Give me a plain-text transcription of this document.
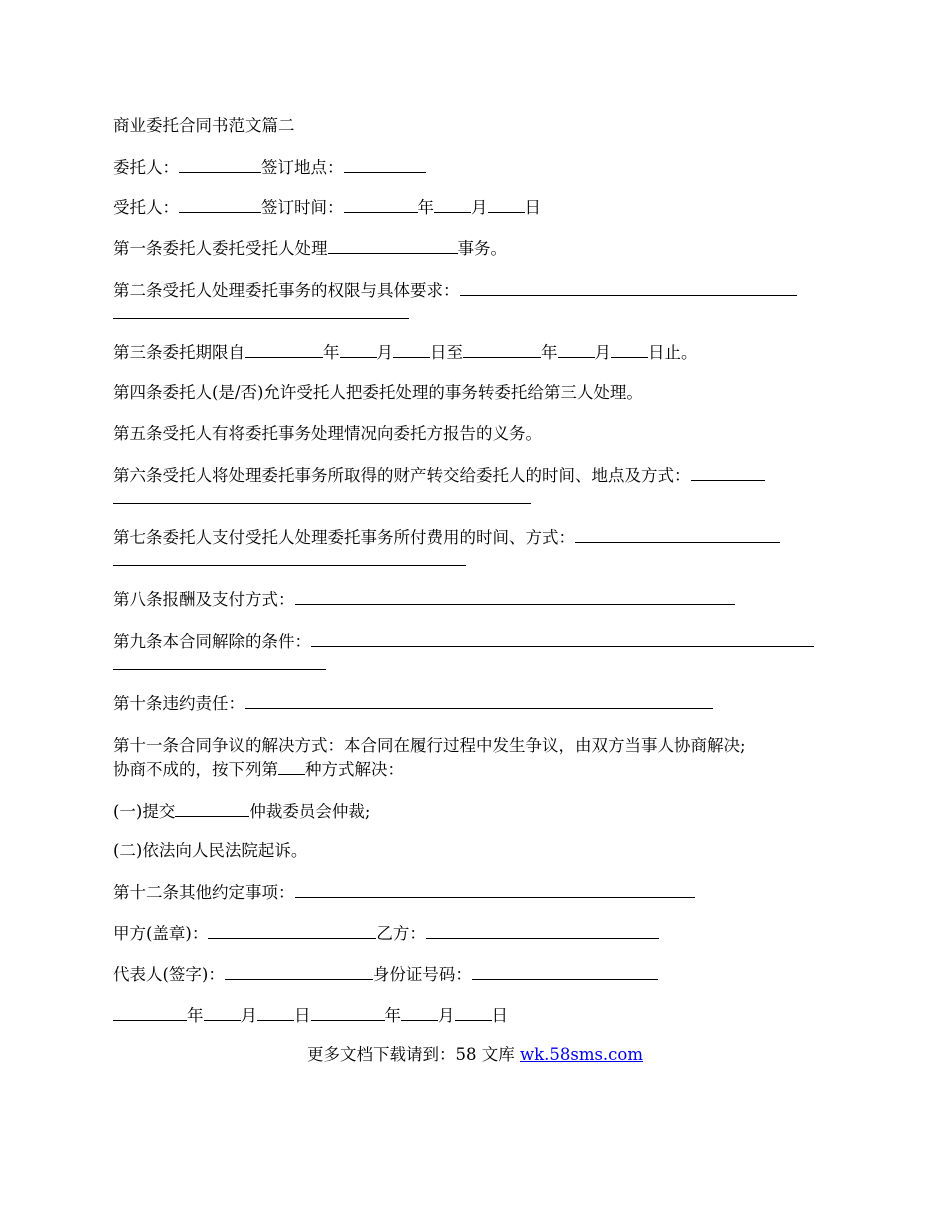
商业委托合同书范文篇二
委托人：	签订地点：
受托人：	签订时间：	年 月 日
第一条委托人委托受托人处理	事务。
第二条受托人处理委托事务的权限与具体要求：
第三条委托期限自	年 月 日至	年 月 日止。
第四条委托人(是/否)允许受托人把委托处理的事务转委托给第三人处理。
第五条受托人有将委托事务处理情况向委托方报告的义务。
第六条受托人将处理委托事务所取得的财产转交给委托人的时间、地点及方式：
第七条委托人支付受托人处理委托事务所付费用的时间、方式：
第八条报酬及支付方式：
第九条本合同解除的条件：
第十条违约责任：

第十一条合同争议的解决方式：本合同在履行过程中发生争议，由双方当事人协商解决;

协商不成的，按下列第 种方式解决：

(一)提交	仲裁委员会仲裁;
(二)依法向人民法院起诉。
第十二条其他约定事项：
甲方(盖章)：	乙方：
代表人(签字)：	身份证号码：
年 月 日	年 月 日
更多文档下载请到：58 文库 wk.58sms.com
